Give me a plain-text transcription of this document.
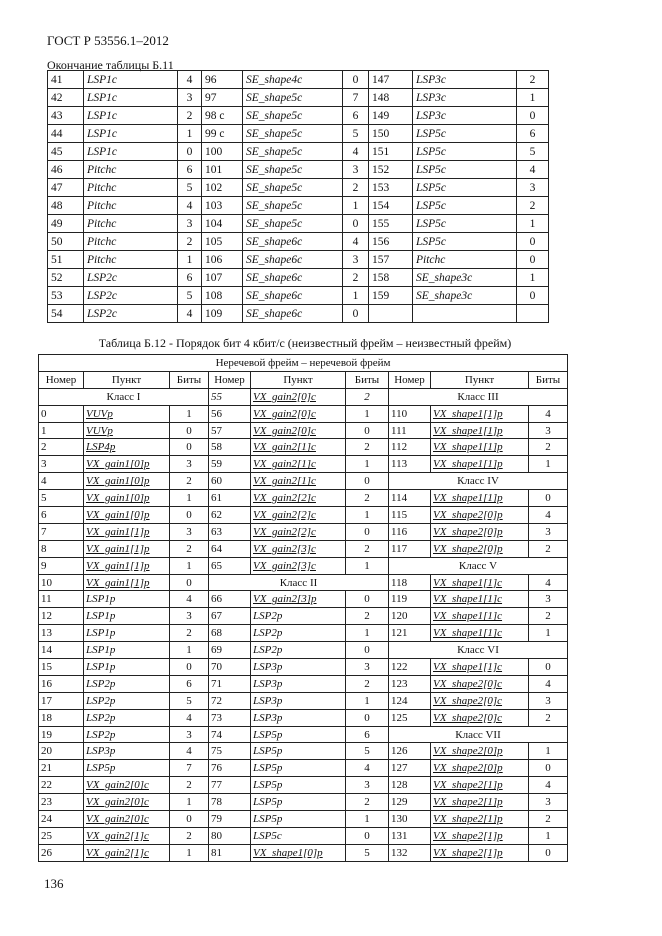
ГОСТ Р 53556.1–2012
Окончание таблицы Б.11
41	LSP1c	4	96	SE_shape4c	0	147	LSP3c	2
42	LSP1c	3	97	SE_shape5c	7	148	LSP3c	1
43	LSP1c	2	98 c	SE_shape5c	6	149	LSP3c	0
44	LSP1c	1	99 c	SE_shape5c	5	150	LSP5c	6
45	LSP1c	0	100	SE_shape5c	4	151	LSP5c	5
46	Pitchc	6	101	SE_shape5c	3	152	LSP5c	4
47	Pitchc	5	102	SE_shape5c	2	153	LSP5c	3
48	Pitchc	4	103	SE_shape5c	1	154	LSP5c	2
49	Pitchc	3	104	SE_shape5c	0	155	LSP5c	1
50	Pitchc	2	105	SE_shape6c	4	156	LSP5c	0
51	Pitchc	1	106	SE_shape6c	3	157	Pitchc	0
52	LSP2c	6	107	SE_shape6c	2	158	SE_shape3c	1
53	LSP2c	5	108	SE_shape6c	1	159	SE_shape3c	0
54	LSP2c	4	109	SE_shape6c	0			
Таблица Б.12 - Порядок бит 4 кбит/с (неизвестный фрейм – неизвестный фрейм)
Неречевой фрейм – неречевой фрейм								
Номер	Пункт	Биты	Номер	Пункт	Биты	Номер	Пункт	Биты
Класс I			55	VX_gain2[0]c	2	Класс III		
0	VUVp	1	56	VX_gain2[0]c	1	110	VX_shape1[1]p	4
1	VUVp	0	57	VX_gain2[0]c	0	111	VX_shape1[1]p	3
2	LSP4p	0	58	VX_gain2[1]c	2	112	VX_shape1[1]p	2
3	VX_gain1[0]p	3	59	VX_gain2[1]c	1	113	VX_shape1[1]p	1
4	VX_gain1[0]p	2	60	VX_gain2[1]c	0	Класс IV		
5	VX_gain1[0]p	1	61	VX_gain2[2]c	2	114	VX_shape1[1]p	0
6	VX_gain1[0]p	0	62	VX_gain2[2]c	1	115	VX_shape2[0]p	4
7	VX_gain1[1]p	3	63	VX_gain2[2]c	0	116	VX_shape2[0]p	3
8	VX_gain1[1]p	2	64	VX_gain2[3]c	2	117	VX_shape2[0]p	2
9	VX_gain1[1]p	1	65	VX_gain2[3]c	1	Класс V		
10	VX_gain1[1]p	0	Класс II			118	VX_shape1[1]c	4
11	LSP1p	4	66	VX_gain2[3]p	0	119	VX_shape1[1]c	3
12	LSP1p	3	67	LSP2p	2	120	VX_shape1[1]c	2
13	LSP1p	2	68	LSP2p	1	121	VX_shape1[1]c	1
14	LSP1p	1	69	LSP2p	0	Класс VI		
15	LSP1p	0	70	LSP3p	3	122	VX_shape1[1]c	0
16	LSP2p	6	71	LSP3p	2	123	VX_shape2[0]c	4
17	LSP2p	5	72	LSP3p	1	124	VX_shape2[0]c	3
18	LSP2p	4	73	LSP3p	0	125	VX_shape2[0]c	2
19	LSP2p	3	74	LSP5p	6	Класс VII		
20	LSP3p	4	75	LSP5p	5	126	VX_shape2[0]p	1
21	LSP5p	7	76	LSP5p	4	127	VX_shape2[0]p	0
22	VX_gain2[0]c	2	77	LSP5p	3	128	VX_shape2[1]p	4
23	VX_gain2[0]c	1	78	LSP5p	2	129	VX_shape2[1]p	3
24	VX_gain2[0]c	0	79	LSP5p	1	130	VX_shape2[1]p	2
25	VX_gain2[1]c	2	80	LSP5c	0	131	VX_shape2[1]p	1
26	VX_gain2[1]c	1	81	VX_shape1[0]p	5	132	VX_shape2[1]p	0
136
